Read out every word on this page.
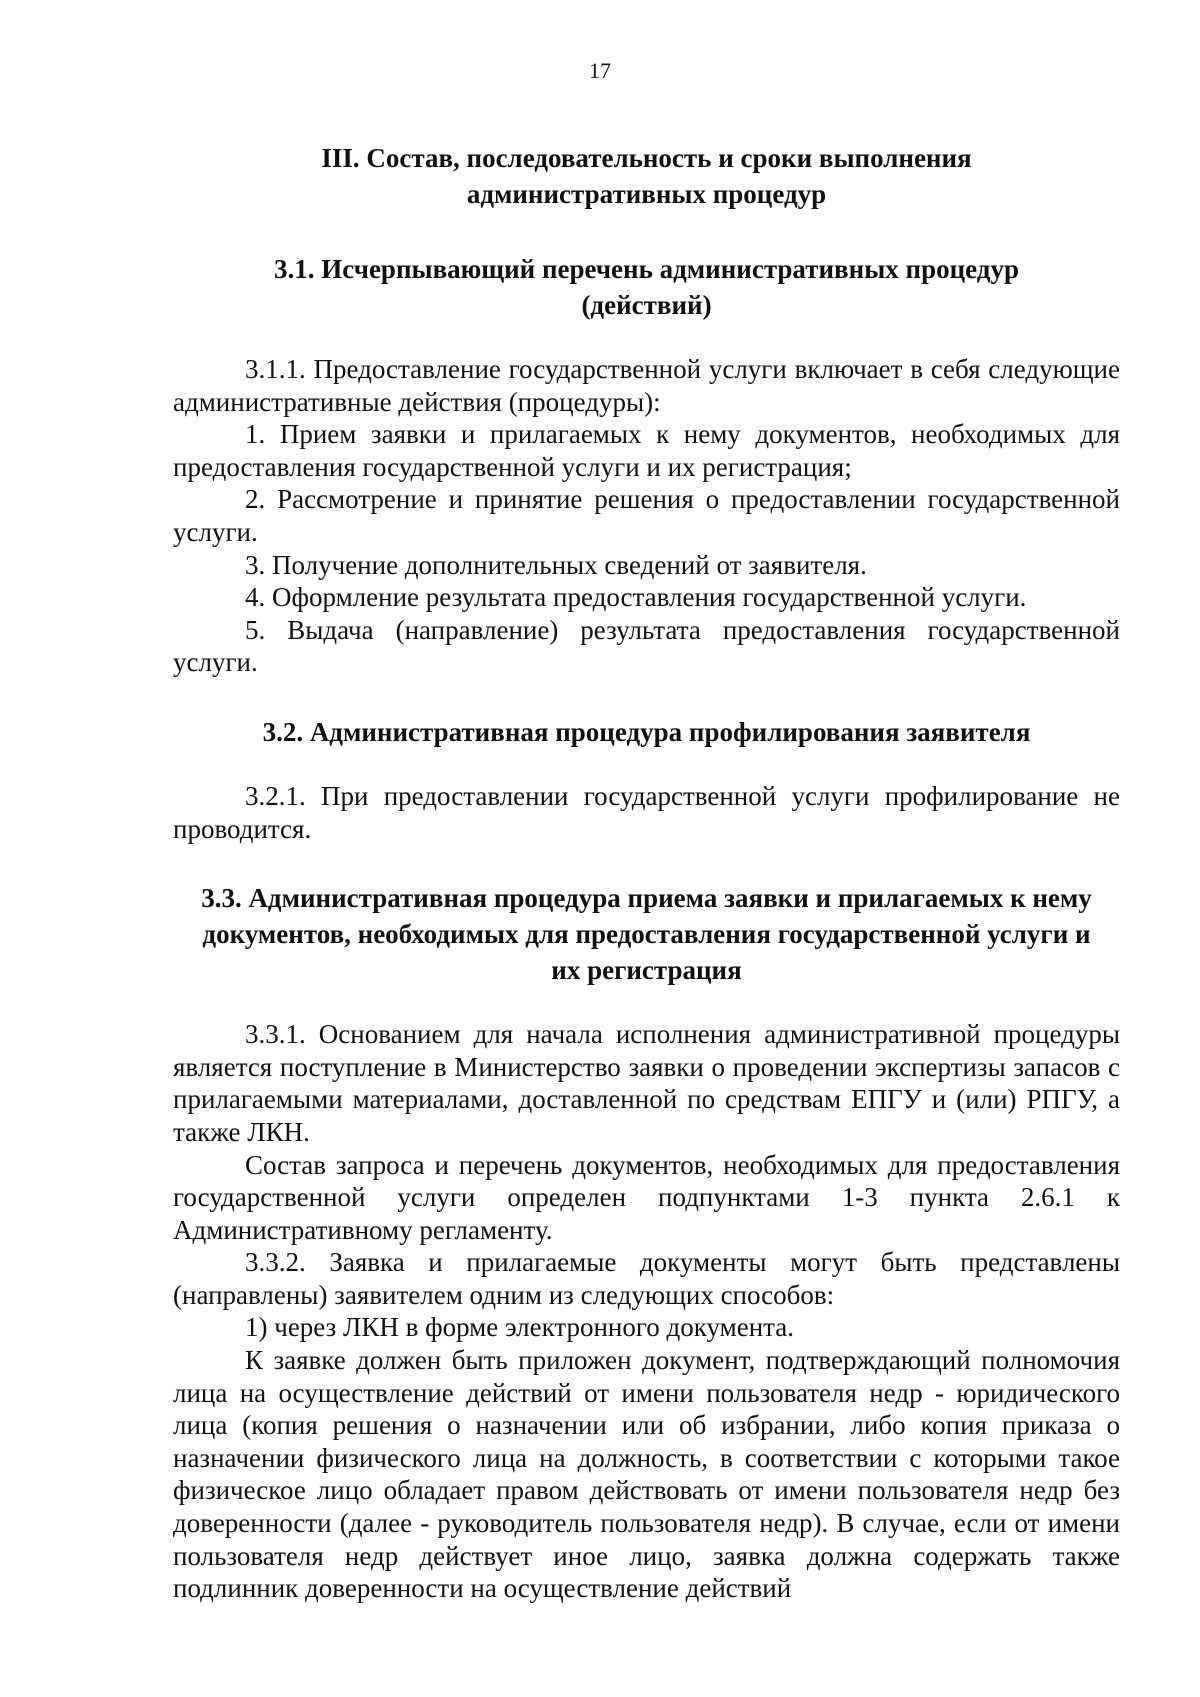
17
III. Состав, последовательность и сроки выполнения
административных процедур
3.1. Исчерпывающий перечень административных процедур
(действий)

3.1.1. Предоставление государственной услуги включает в себя следующие административные действия (процедуры):

1. Прием заявки и прилагаемых к нему документов, необходимых для предоставления государственной услуги и их регистрация;

2. Рассмотрение и принятие решения о предоставлении государственной услуги.

3. Получение дополнительных сведений от заявителя.

4. Оформление результата предоставления государственной услуги.

5. Выдача (направление) результата предоставления государственной услуги.

3.2. Административная процедура профилирования заявителя

3.2.1. При предоставлении государственной услуги профилирование не проводится.

3.3. Административная процедура приема заявки и прилагаемых к нему
документов, необходимых для предоставления государственной услуги и
их регистрация

3.3.1. Основанием для начала исполнения административной процедуры является поступление в Министерство заявки о проведении экспертизы запасов с прилагаемыми материалами, доставленной по средствам ЕПГУ и (или) РПГУ, а также ЛКН.

Состав запроса и перечень документов, необходимых для предоставления государственной услуги определен подпунктами 1-3 пункта 2.6.1 к Административному регламенту.

3.3.2. Заявка и прилагаемые документы могут быть представлены (направлены) заявителем одним из следующих способов:

1) через ЛКН в форме электронного документа.

К заявке должен быть приложен документ, подтверждающий полномочия лица на осуществление действий от имени пользователя недр - юридического лица (копия решения о назначении или об избрании, либо копия приказа о назначении физического лица на должность, в соответствии с которыми такое физическое лицо обладает правом действовать от имени пользователя недр без доверенности (далее - руководитель пользователя недр). В случае, если от имени пользователя недр действует иное лицо, заявка должна содержать также подлинник доверенности на осуществление действий
